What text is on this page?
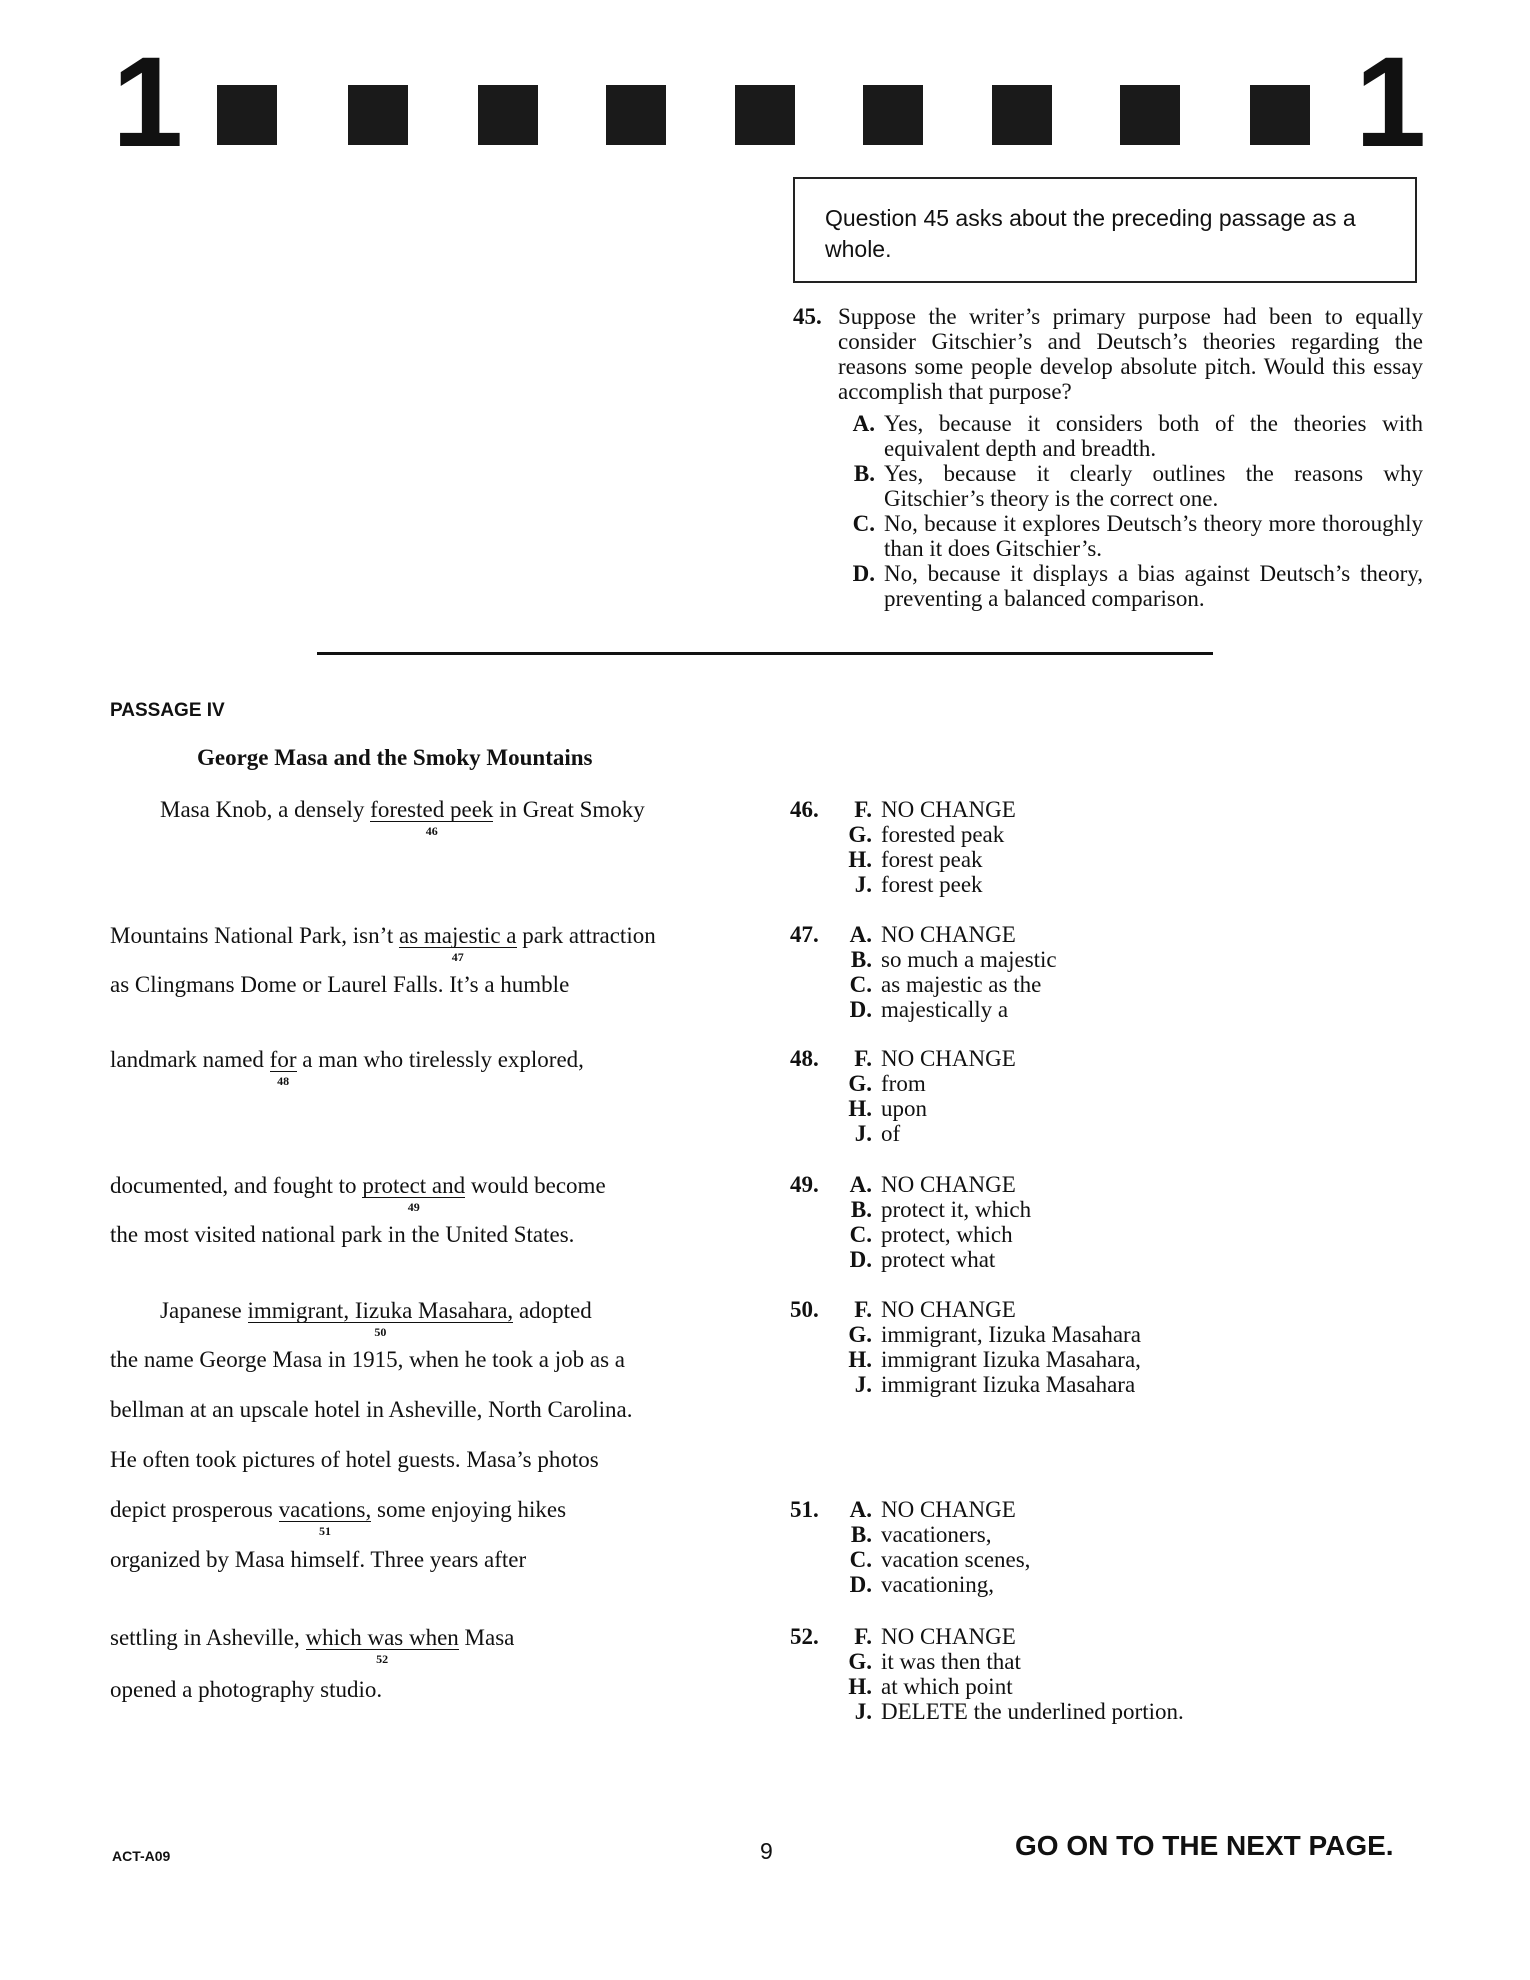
1	1
Question 45 asks about the preceding passage as a whole.
45. Suppose the writer’s primary purpose had been to equally consider Gitschier’s and Deutsch’s theories regarding the reasons some people develop absolute pitch. Would this essay accomplish that purpose?
A. Yes, because it considers both of the theories with equivalent depth and breadth.
B. Yes, because it clearly outlines the reasons why Gitschier’s theory is the correct one.
C. No, because it explores Deutsch’s theory more thoroughly than it does Gitschier’s.
D. No, because it displays a bias against Deutsch’s theory, preventing a balanced comparison.
PASSAGE IV
George Masa and the Smoky Mountains
Masa Knob, a densely forested peek
46
in Great Smoky
Mountains National Park, isn’t as majestic a
47
park attraction
as Clingmans Dome or Laurel Falls. It’s a humble
landmark named for
48
a man who tirelessly explored,
documented, and fought to protect and
49
would become
the most visited national park in the United States.
Japanese immigrant, Iizuka Masahara,
50
adopted
the name George Masa in 1915, when he took a job as a
bellman at an upscale hotel in Asheville, North Carolina.
He often took pictures of hotel guests. Masa’s photos
depict prosperous vacations,
51
some enjoying hikes
organized by Masa himself. Three years after
settling in Asheville, which was when
52
Masa
opened a photography studio.
46.	F. NO CHANGE
G. forested peak
H. forest peak
J. forest peek
47.	A. NO CHANGE
B. so much a majestic
C. as majestic as the
D. majestically a
48.	F. NO CHANGE
G. from
H. upon
J. of
49.	A. NO CHANGE
B. protect it, which
C. protect, which
D. protect what
50.	F. NO CHANGE
G. immigrant, Iizuka Masahara
H. immigrant Iizuka Masahara,
J. immigrant Iizuka Masahara
51.	A. NO CHANGE
B. vacationers,
C. vacation scenes,
D. vacationing,
52.	F. NO CHANGE
G. it was then that
H. at which point
J. DELETE the underlined portion.
ACT-A09	9	GO ON TO THE NEXT PAGE.
